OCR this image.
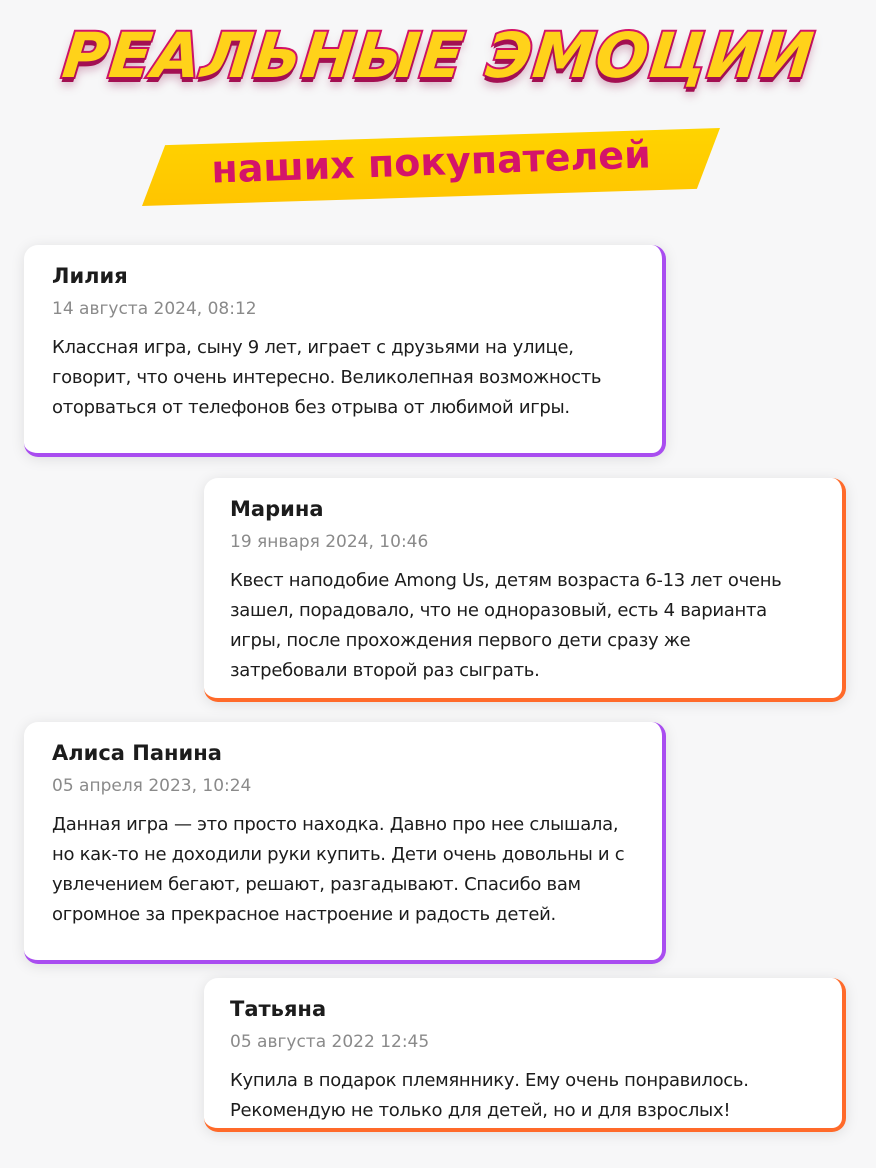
РЕАЛЬНЫЕ ЭМОЦИИ
наших покупателей
Лилия
14 августа 2024, 08:12
Классная игра, сыну 9 лет, играет с друзьями на улице, говорит, что очень интересно. Великолепная возможность оторваться от телефонов без отрыва от любимой игры.
Марина
19 января 2024, 10:46
Квест наподобие Among Us, детям возраста 6-13 лет очень зашел, порадовало, что не одноразовый, есть 4 варианта игры, после прохождения первого дети сразу же затребовали второй раз сыграть.
Алиса Панина
05 апреля 2023, 10:24
Данная игра — это просто находка. Давно про нее слышала, но как-то не доходили руки купить. Дети очень довольны и с увлечением бегают, решают, разгадывают. Спасибо вам огромное за прекрасное настроение и радость детей.
Татьяна
05 августа 2022 12:45
Купила в подарок племяннику. Ему очень понравилось. Рекомендую не только для детей, но и для взрослых!
